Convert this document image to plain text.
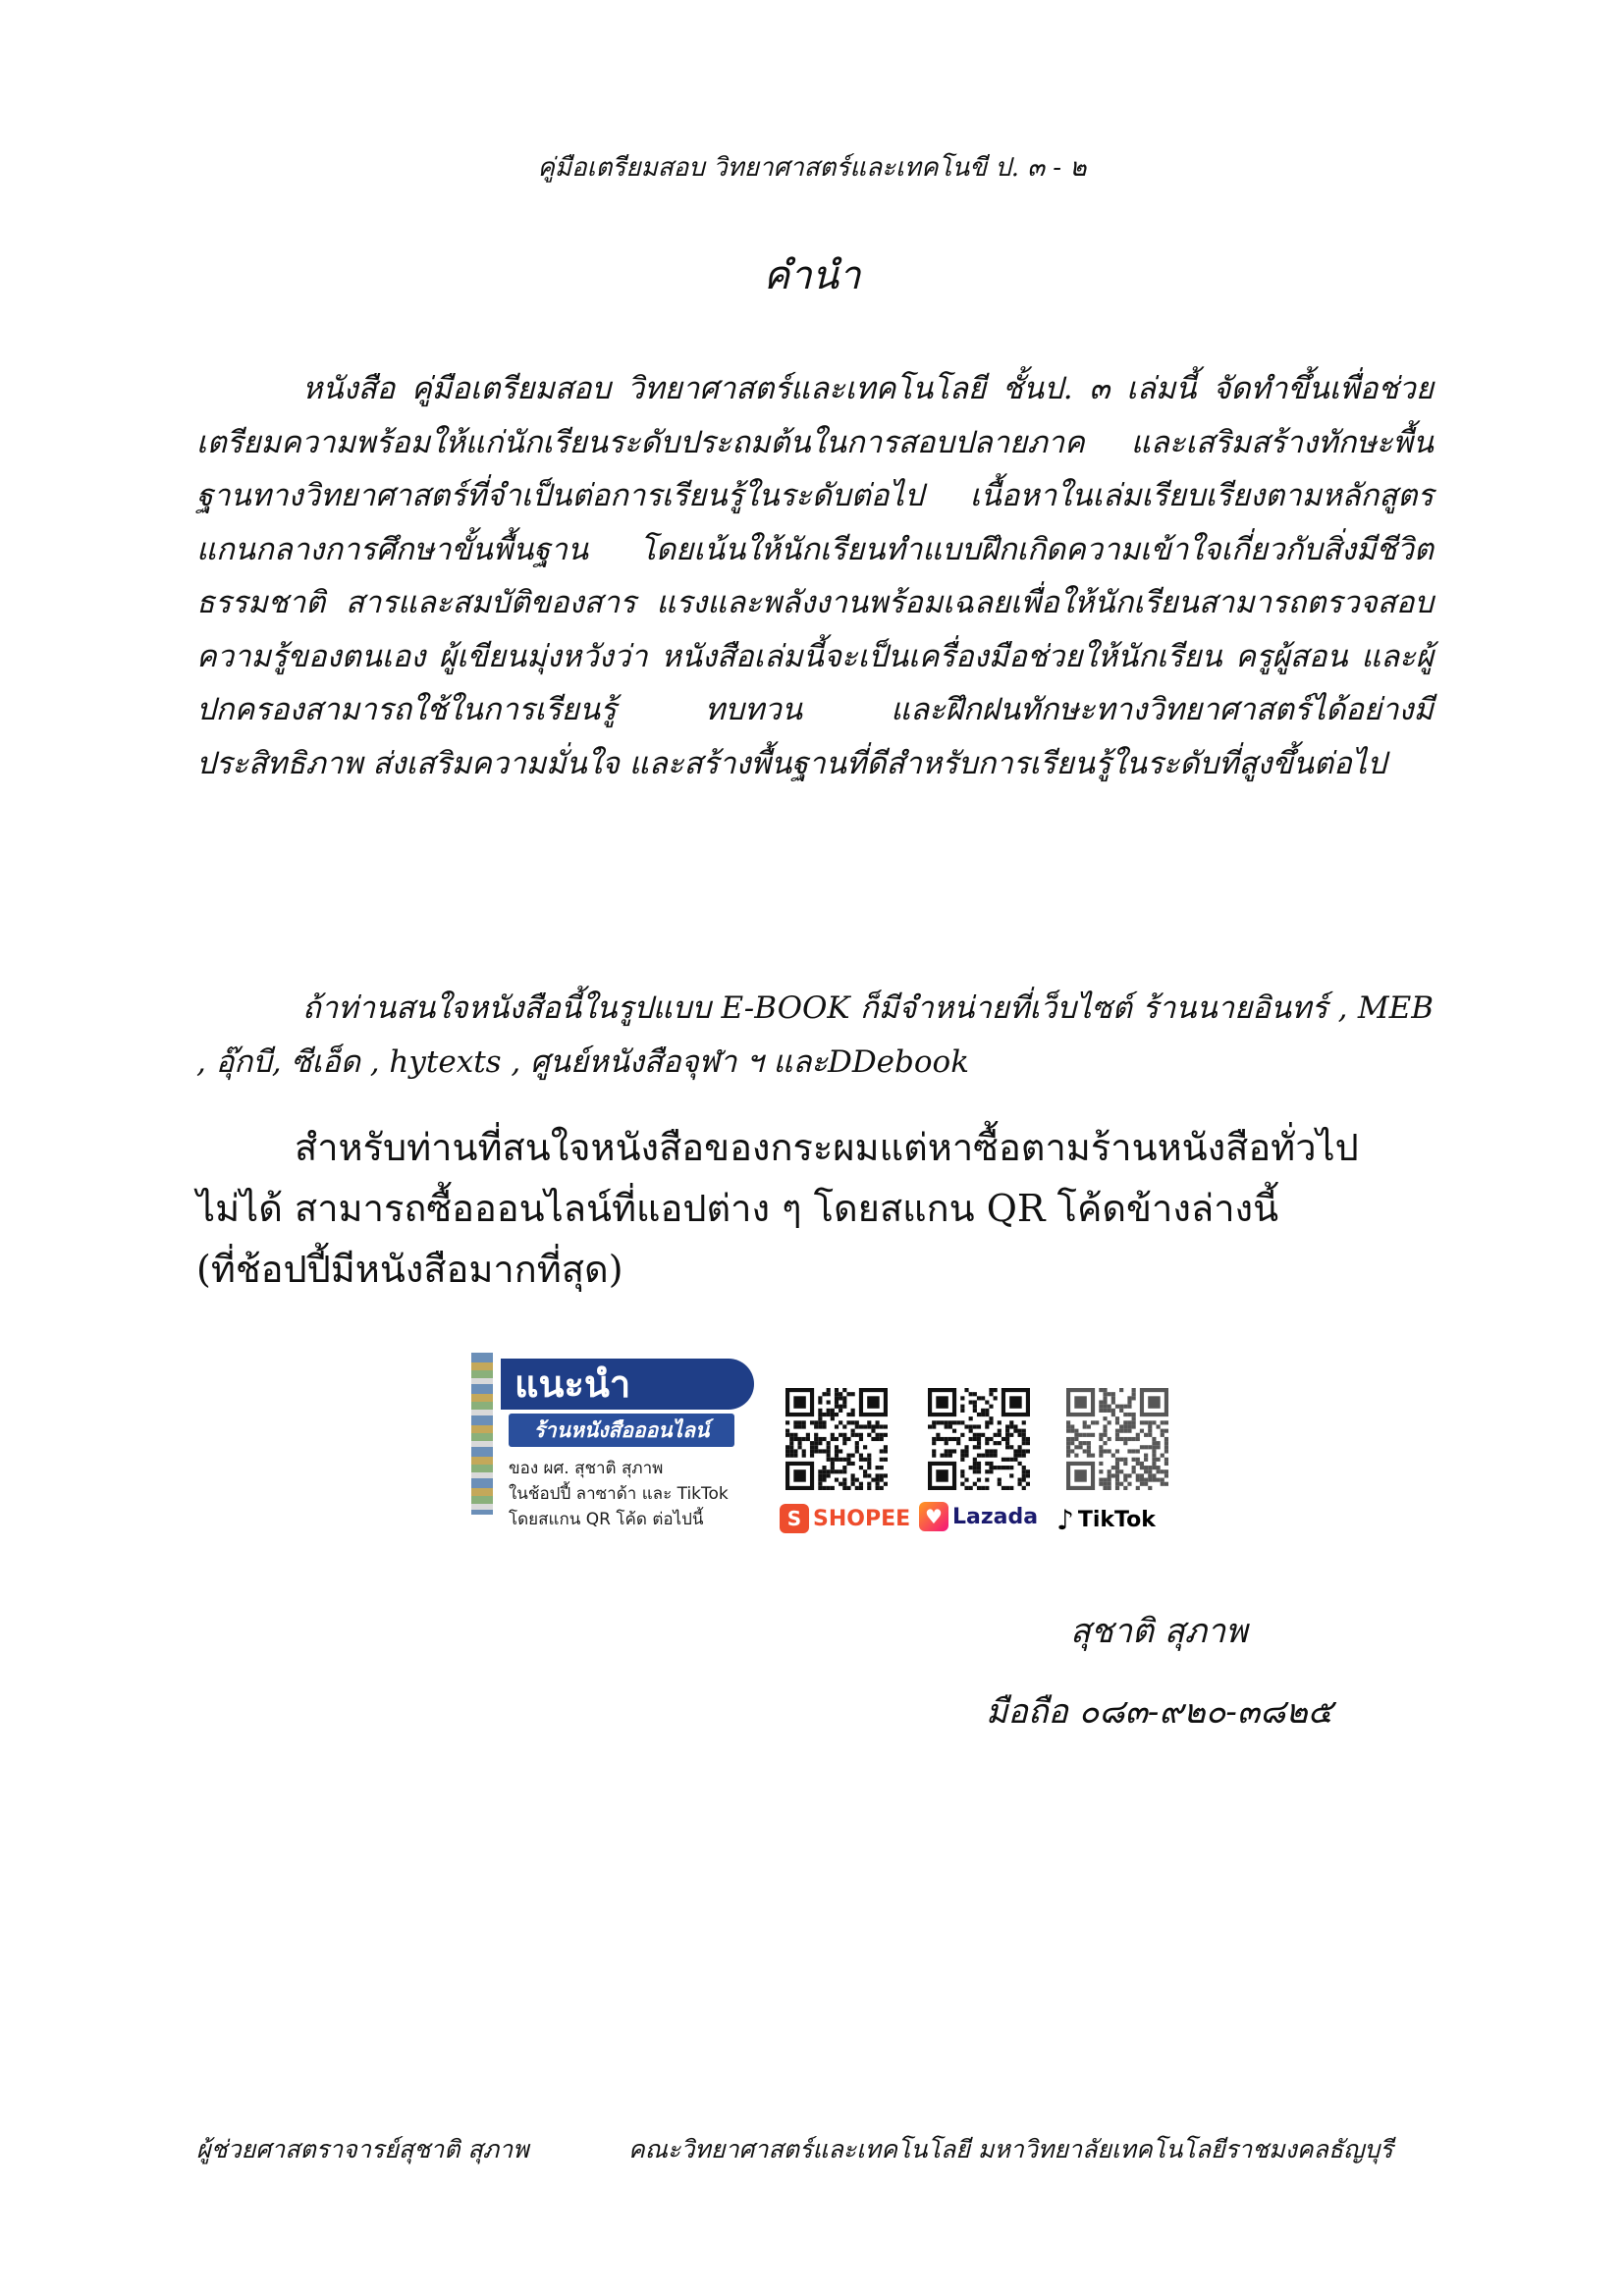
คู่มือเตรียมสอบ วิทยาศาสตร์และเทคโนขี ป. ๓ - ๒
คำนำ

หนังสือ คู่มือเตรียมสอบ วิทยาศาสตร์และเทคโนโลยี ชั้นป. ๓ เล่มนี้ จัดทำขึ้นเพื่อช่วยเตรียมความพร้อมให้แก่นักเรียนระดับประถมต้นในการสอบปลายภาค และเสริมสร้างทักษะพื้นฐานทางวิทยาศาสตร์ที่จำเป็นต่อการเรียนรู้ในระดับต่อไป เนื้อหาในเล่มเรียบเรียงตามหลักสูตรแกนกลางการศึกษาขั้นพื้นฐาน โดยเน้นให้นักเรียนทำแบบฝึกเกิดความเข้าใจเกี่ยวกับสิ่งมีชีวิต ธรรมชาติ สารและสมบัติของสาร แรงและพลังงานพร้อมเฉลยเพื่อให้นักเรียนสามารถตรวจสอบความรู้ของตนเอง ผู้เขียนมุ่งหวังว่า หนังสือเล่มนี้จะเป็นเครื่องมือช่วยให้นักเรียน ครูผู้สอน และผู้ปกครองสามารถใช้ในการเรียนรู้ ทบทวน และฝึกฝนทักษะทางวิทยาศาสตร์ได้อย่างมีประสิทธิภาพ ส่งเสริมความมั่นใจ และสร้างพื้นฐานที่ดีสำหรับการเรียนรู้ในระดับที่สูงขึ้นต่อไป

ถ้าท่านสนใจหนังสือนี้ในรูปแบบ E-BOOK ก็มีจำหน่ายที่เว็บไซต์ ร้านนายอินทร์ , MEB , อุ๊กบี, ซีเอ็ด , hytexts , ศูนย์หนังสือจุฬา ฯ และDDebook

สำหรับท่านที่สนใจหนังสือของกระผมแต่หาซื้อตามร้านหนังสือทั่วไป
ไม่ได้ สามารถซื้อออนไลน์ที่แอปต่าง ๆ โดยสแกน QR โค้ดข้างล่างนี้
(ที่ช้อปปี้มีหนังสือมากที่สุด)

แนะนำ
ร้านหนังสือออนไลน์
ของ ผศ. สุชาติ สุภาพ
ในช้อปปี้ ลาซาด้า และ TikTok
โดยสแกน QR โค้ด ต่อไปนี้	S SHOPEE ♥ Lazada ♪ TikTok
สุชาติ สุภาพ
มือถือ ๐๘๓-๙๒๐-๓๘๒๕
ผู้ช่วยศาสตราจารย์สุชาติ สุภาพ	คณะวิทยาศาสตร์และเทคโนโลยี มหาวิทยาลัยเทคโนโลยีราชมงคลธัญบุรี
